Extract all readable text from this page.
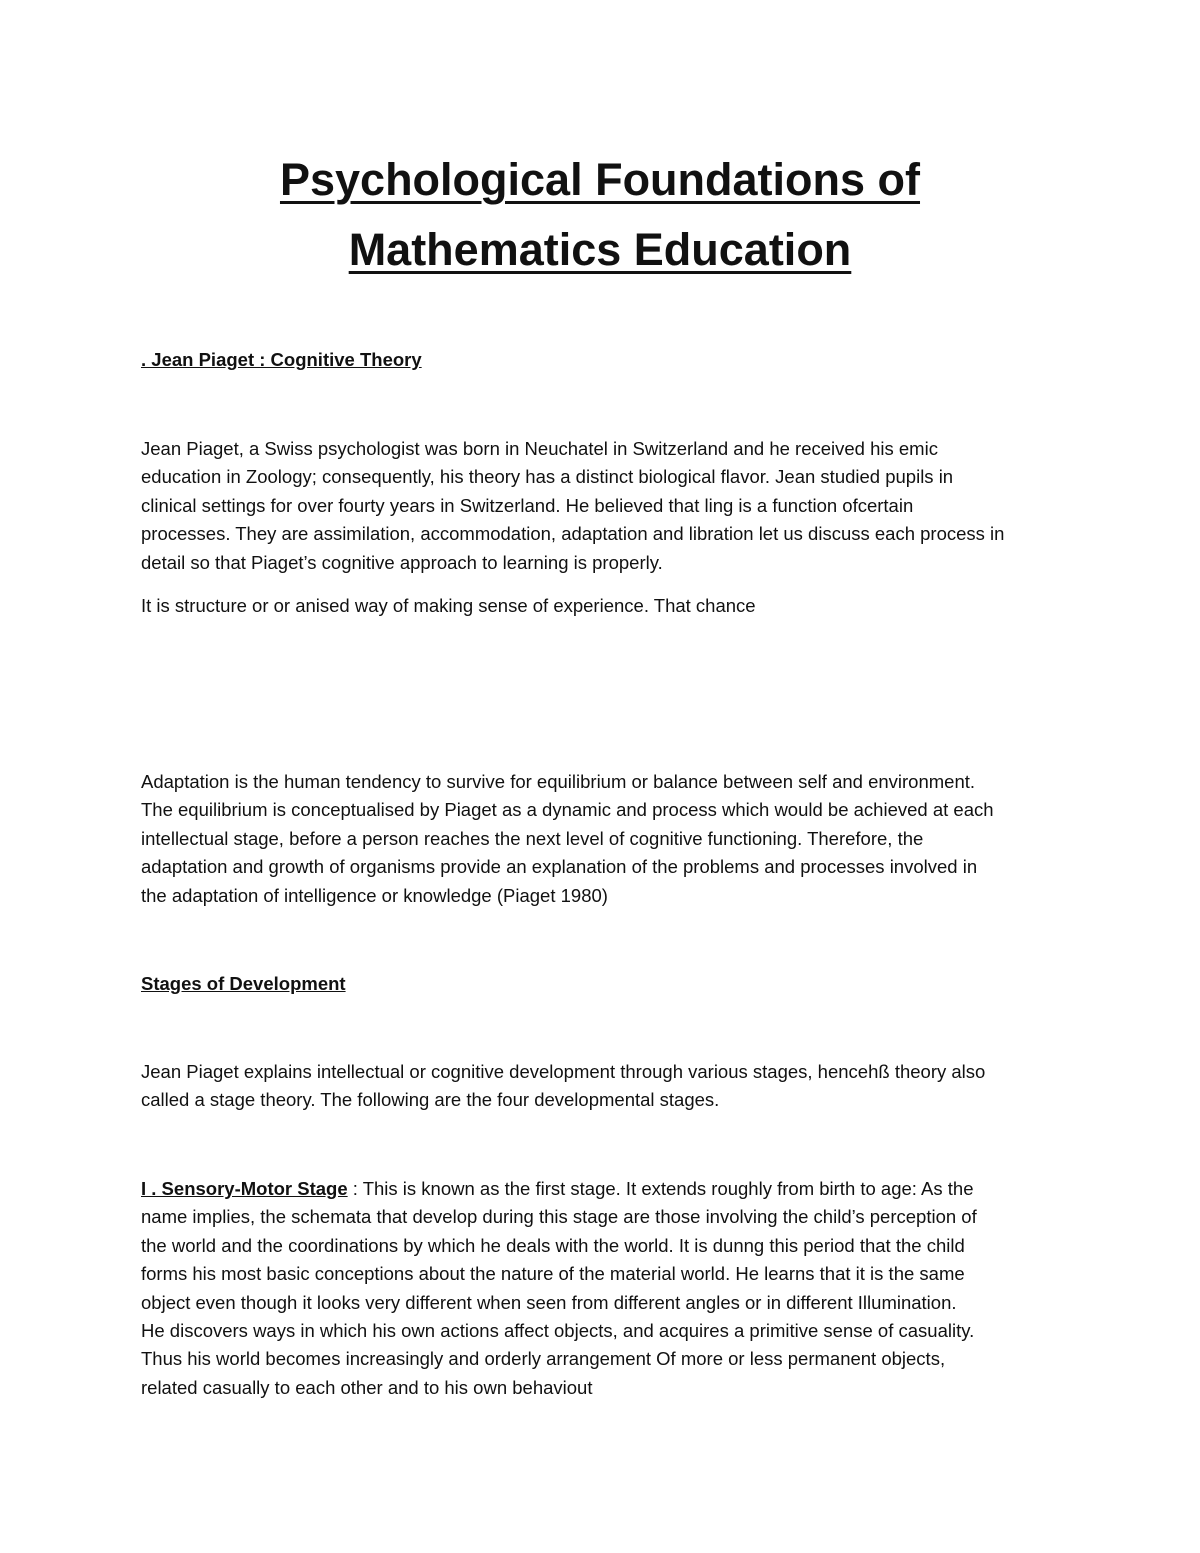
Psychological Foundations of
Mathematics Education
. Jean Piaget : Cognitive Theory
Jean Piaget, a Swiss psychologist was born in Neuchatel in Switzerland and he received his emic
education in Zoology; consequently, his theory has a distinct biological flavor. Jean studied pupils in
clinical settings for over fourty years in Switzerland. He believed that ling is a function ofcertain
processes. They are assimilation, accommodation, adaptation and libration let us discuss each process in
detail so that Piaget’s cognitive approach to learning is properly.
It is structure or or anised way of making sense of experience. That chance
Adaptation is the human tendency to survive for equilibrium or balance between self and environment.
The equilibrium is conceptualised by Piaget as a dynamic and process which would be achieved at each
intellectual stage, before a person reaches the next level of cognitive functioning. Therefore, the
adaptation and growth of organisms provide an explanation of the problems and processes involved in
the adaptation of intelligence or knowledge (Piaget 1980)
Stages of Development
Jean Piaget explains intellectual or cognitive development through various stages, hencehß theory also
called a stage theory. The following are the four developmental stages.
I . Sensory-Motor Stage : This is known as the first stage. It extends roughly from birth to age: As the
name implies, the schemata that develop during this stage are those involving the child’s perception of
the world and the coordinations by which he deals with the world. It is dunng this period that the child
forms his most basic conceptions about the nature of the material world. He learns that it is the same
object even though it looks very different when seen from different angles or in different Illumination.
He discovers ways in which his own actions affect objects, and acquires a primitive sense of casuality.
Thus his world becomes increasingly and orderly arrangement Of more or less permanent objects,
related casually to each other and to his own behaviout
